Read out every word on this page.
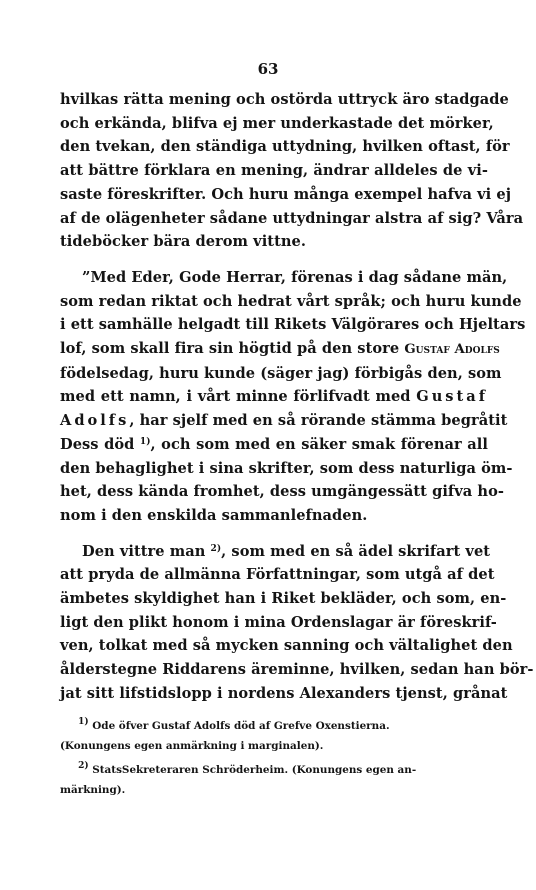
63
hvilkas rätta mening och ostörda uttryck äro stadgade
och erkända, blifva ej mer underkastade det mörker,
den tvekan, den ständiga uttydning, hvilken oftast, för
att bättre förklara en mening, ändrar alldeles de vi-
saste föreskrifter. Och huru många exempel hafva vi ej
af de olägenheter sådane uttydningar alstra af sig? Våra
tideböcker bära derom vittne.
”Med Eder, Gode Herrar, förenas i dag sådane män,
som redan riktat och hedrat vårt språk; och huru kunde
i ett samhälle helgadt till Rikets Välgörares och Hjeltars
lof, som skall fira sin högtid på den store Gustaf Adolfs
födelsedag, huru kunde (säger jag) förbigås den, som
med ett namn, i vårt minne förlifvadt med Gustaf
Adolfs, har sjelf med en så rörande stämma begråtit
Dess död $^{1)}$, och som med en säker smak förenar all
den behaglighet i sina skrifter, som dess naturliga öm-
het, dess kända fromhet, dess umgängessätt gifva ho-
nom i den enskilda sammanlefnaden.
Den vittre man $^{2)}$, som med en så ädel skrifart vet
att pryda de allmänna Författningar, som utgå af det
ämbetes skyldighet han i Riket bekläder, och som, en-
ligt den plikt honom i mina Ordenslagar är föreskrif-
ven, tolkat med så mycken sanning och vältalighet den
ålderstegne Riddarens äreminne, hvilken, sedan han bör-
jat sitt lifstidslopp i nordens Alexanders tjenst, grånat
$^{1)}$ Ode öfver Gustaf Adolfs död af Grefve Oxenstierna.
(Konungens egen anmärkning i marginalen).
$^{2)}$ StatsSekreteraren Schröderheim. (Konungens egen an-
märkning).
